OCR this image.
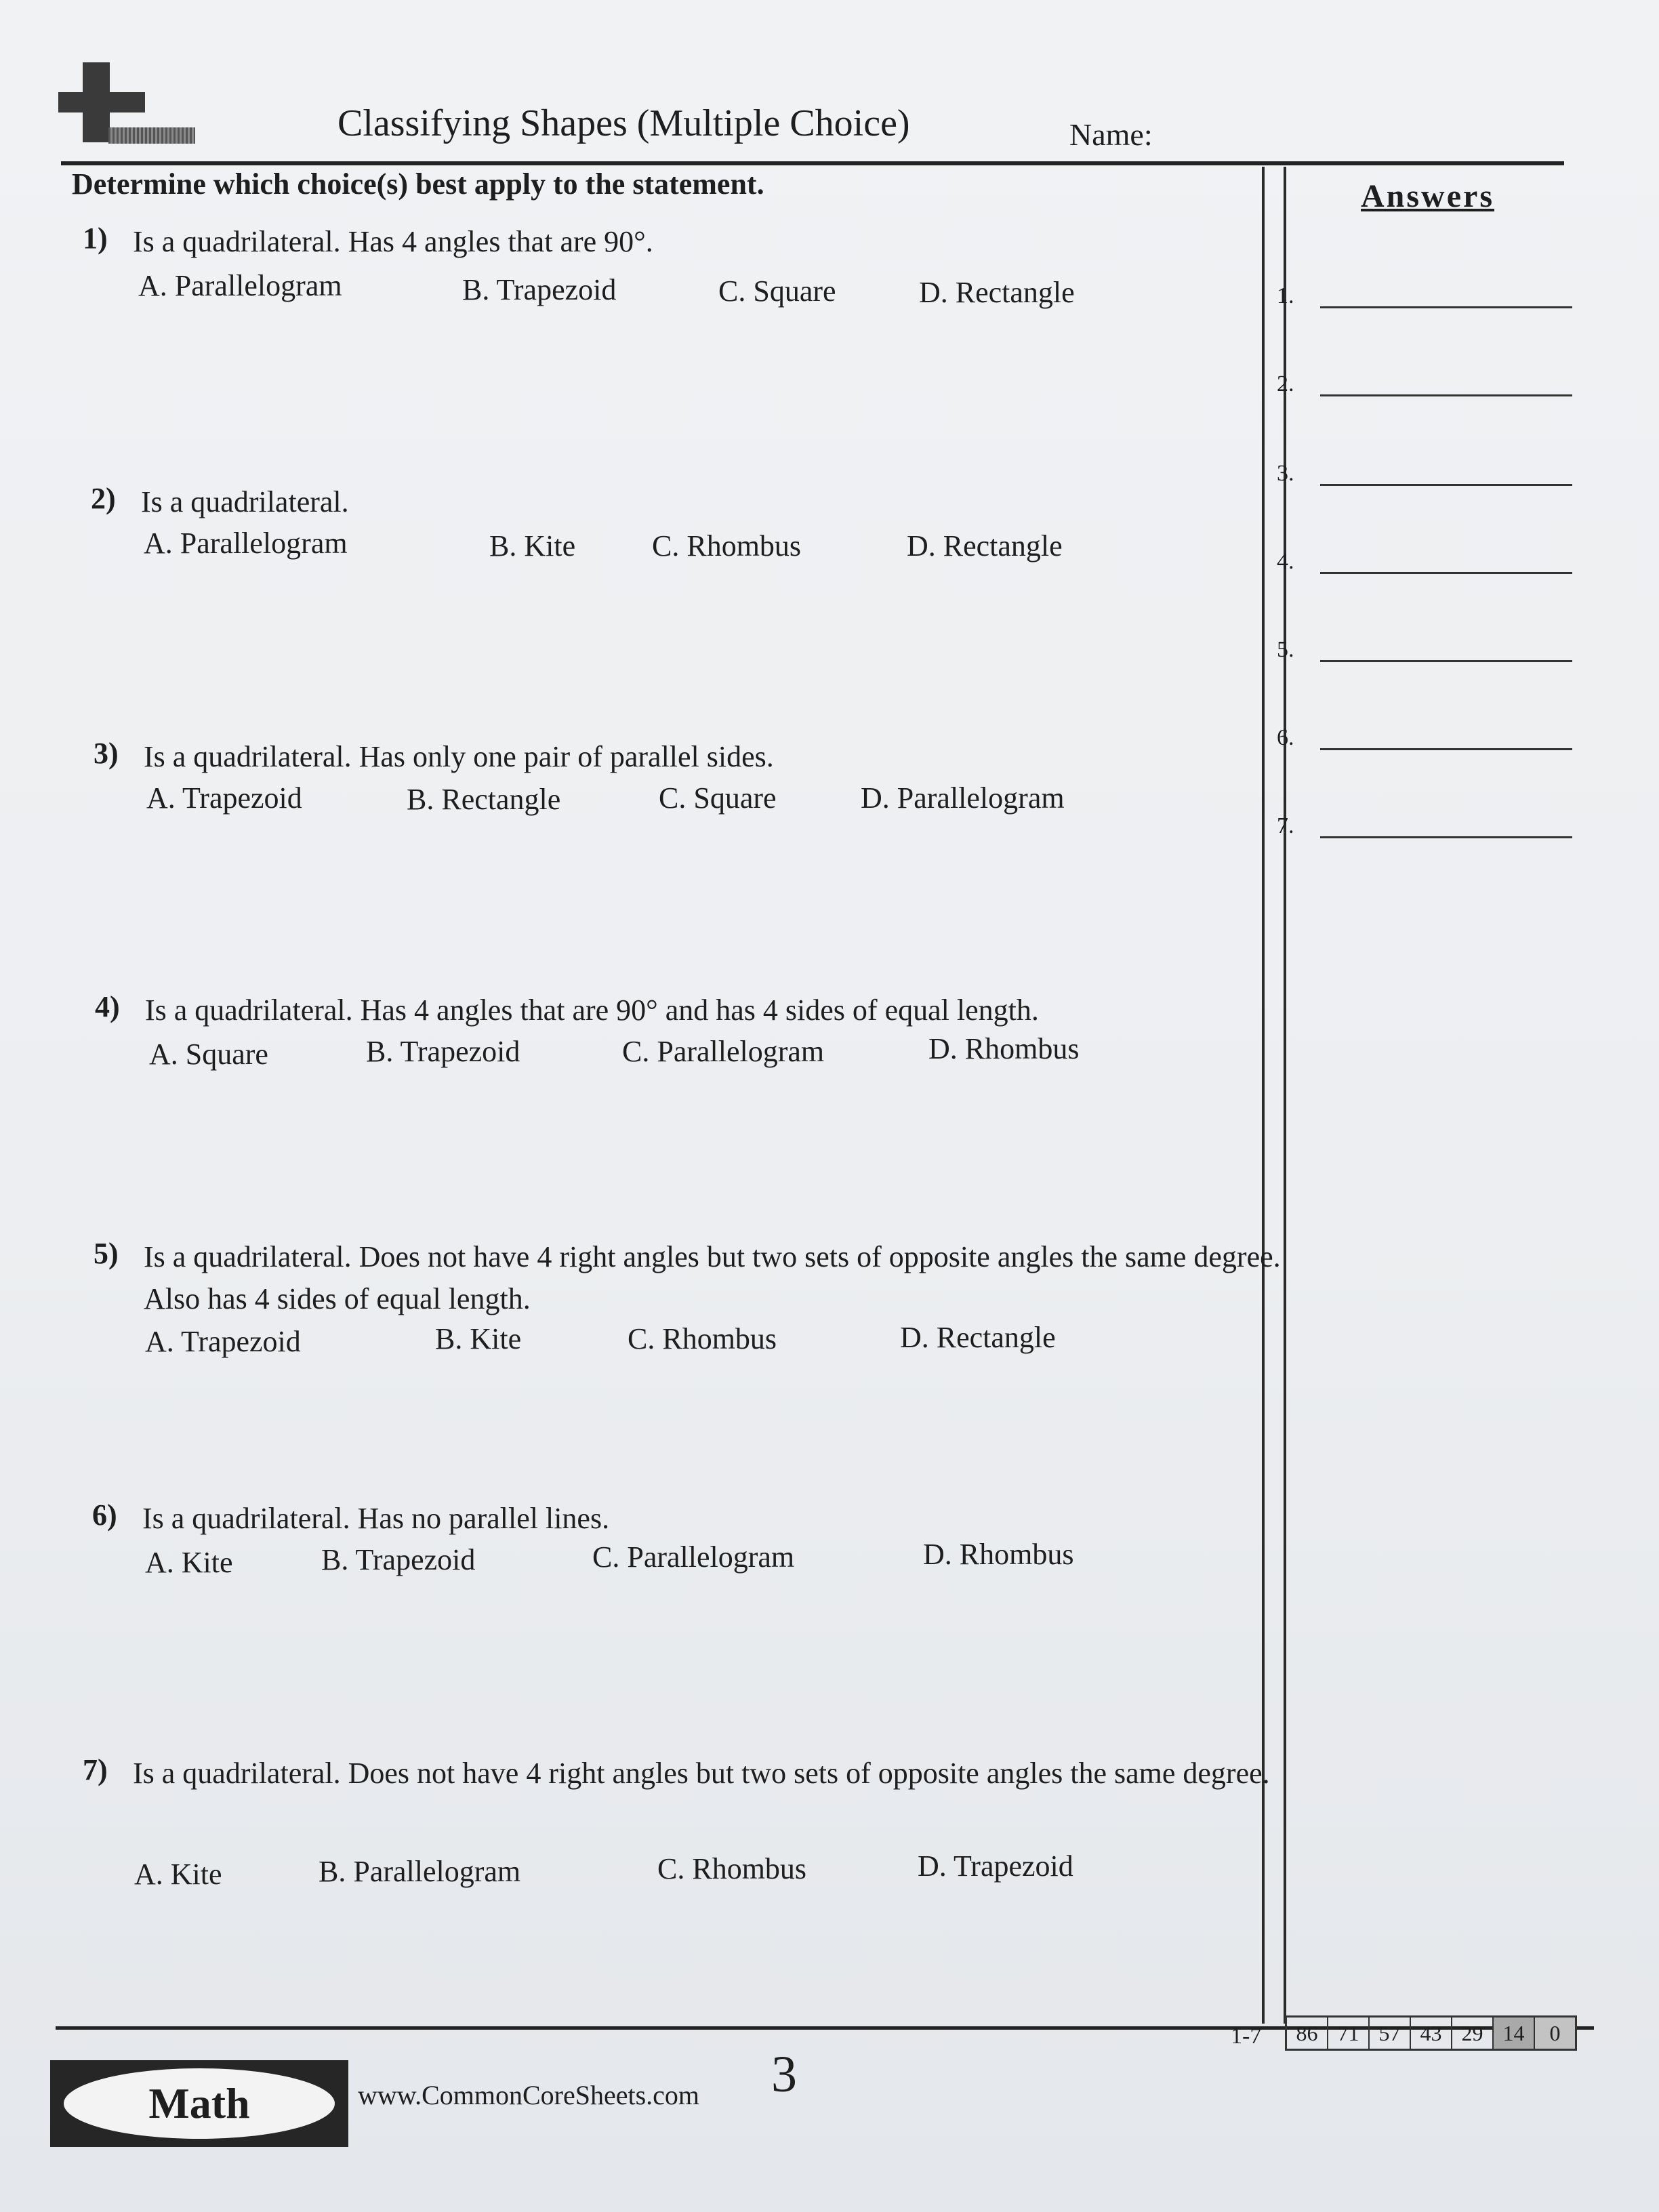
Classifying Shapes (Multiple Choice)	Name:
Determine which choice(s) best apply to the statement.	Answers
1.
2.
3.
4.
5.
6.
7.
1) Is a quadrilateral. Has 4 angles that are 90°.
A. Parallelogram	B. Trapezoid	C. Square	D. Rectangle
2) Is a quadrilateral.
A. Parallelogram	B. Kite	C. Rhombus	D. Rectangle
3) Is a quadrilateral. Has only one pair of parallel sides.
A. Trapezoid	B. Rectangle	C. Square	D. Parallelogram
4) Is a quadrilateral. Has 4 angles that are 90° and has 4 sides of equal length.
A. Square	B. Trapezoid	C. Parallelogram	D. Rhombus
5) Is a quadrilateral. Does not have 4 right angles but two sets of opposite angles the same degree. Also has 4 sides of equal length.
A. Trapezoid	B. Kite	C. Rhombus	D. Rectangle
6) Is a quadrilateral. Has no parallel lines.
A. Kite	B. Trapezoid	C. Parallelogram	D. Rhombus
7) Is a quadrilateral. Does not have 4 right angles but two sets of opposite angles the same degree.
A. Kite	B. Parallelogram	C. Rhombus	D. Trapezoid
1-7	86 71 57 43 29 14	0
Math	www.CommonCoreSheets.com 3
